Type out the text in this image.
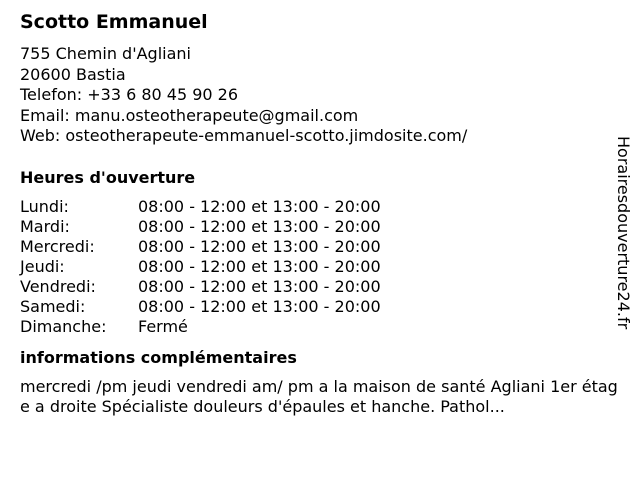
Scotto Emmanuel
755 Chemin d'Agliani
20600 Bastia
Telefon: +33 6 80 45 90 26
Email: manu.osteotherapeute@gmail.com
Web: osteotherapeute-emmanuel-scotto.jimdosite.com/
Heures d'ouverture
Lundi:	08:00 - 12:00 et 13:00 - 20:00
Mardi:	08:00 - 12:00 et 13:00 - 20:00
Mercredi:	08:00 - 12:00 et 13:00 - 20:00
Jeudi:	08:00 - 12:00 et 13:00 - 20:00
Vendredi:	08:00 - 12:00 et 13:00 - 20:00
Samedi:	08:00 - 12:00 et 13:00 - 20:00
Dimanche:	Fermé
informations complémentaires
mercredi /pm jeudi vendredi am/ pm a la maison de santé Agliani 1er étage a droite Spécialiste douleurs d'épaules et hanche. Pathol...
Horairesdouverture24.fr
